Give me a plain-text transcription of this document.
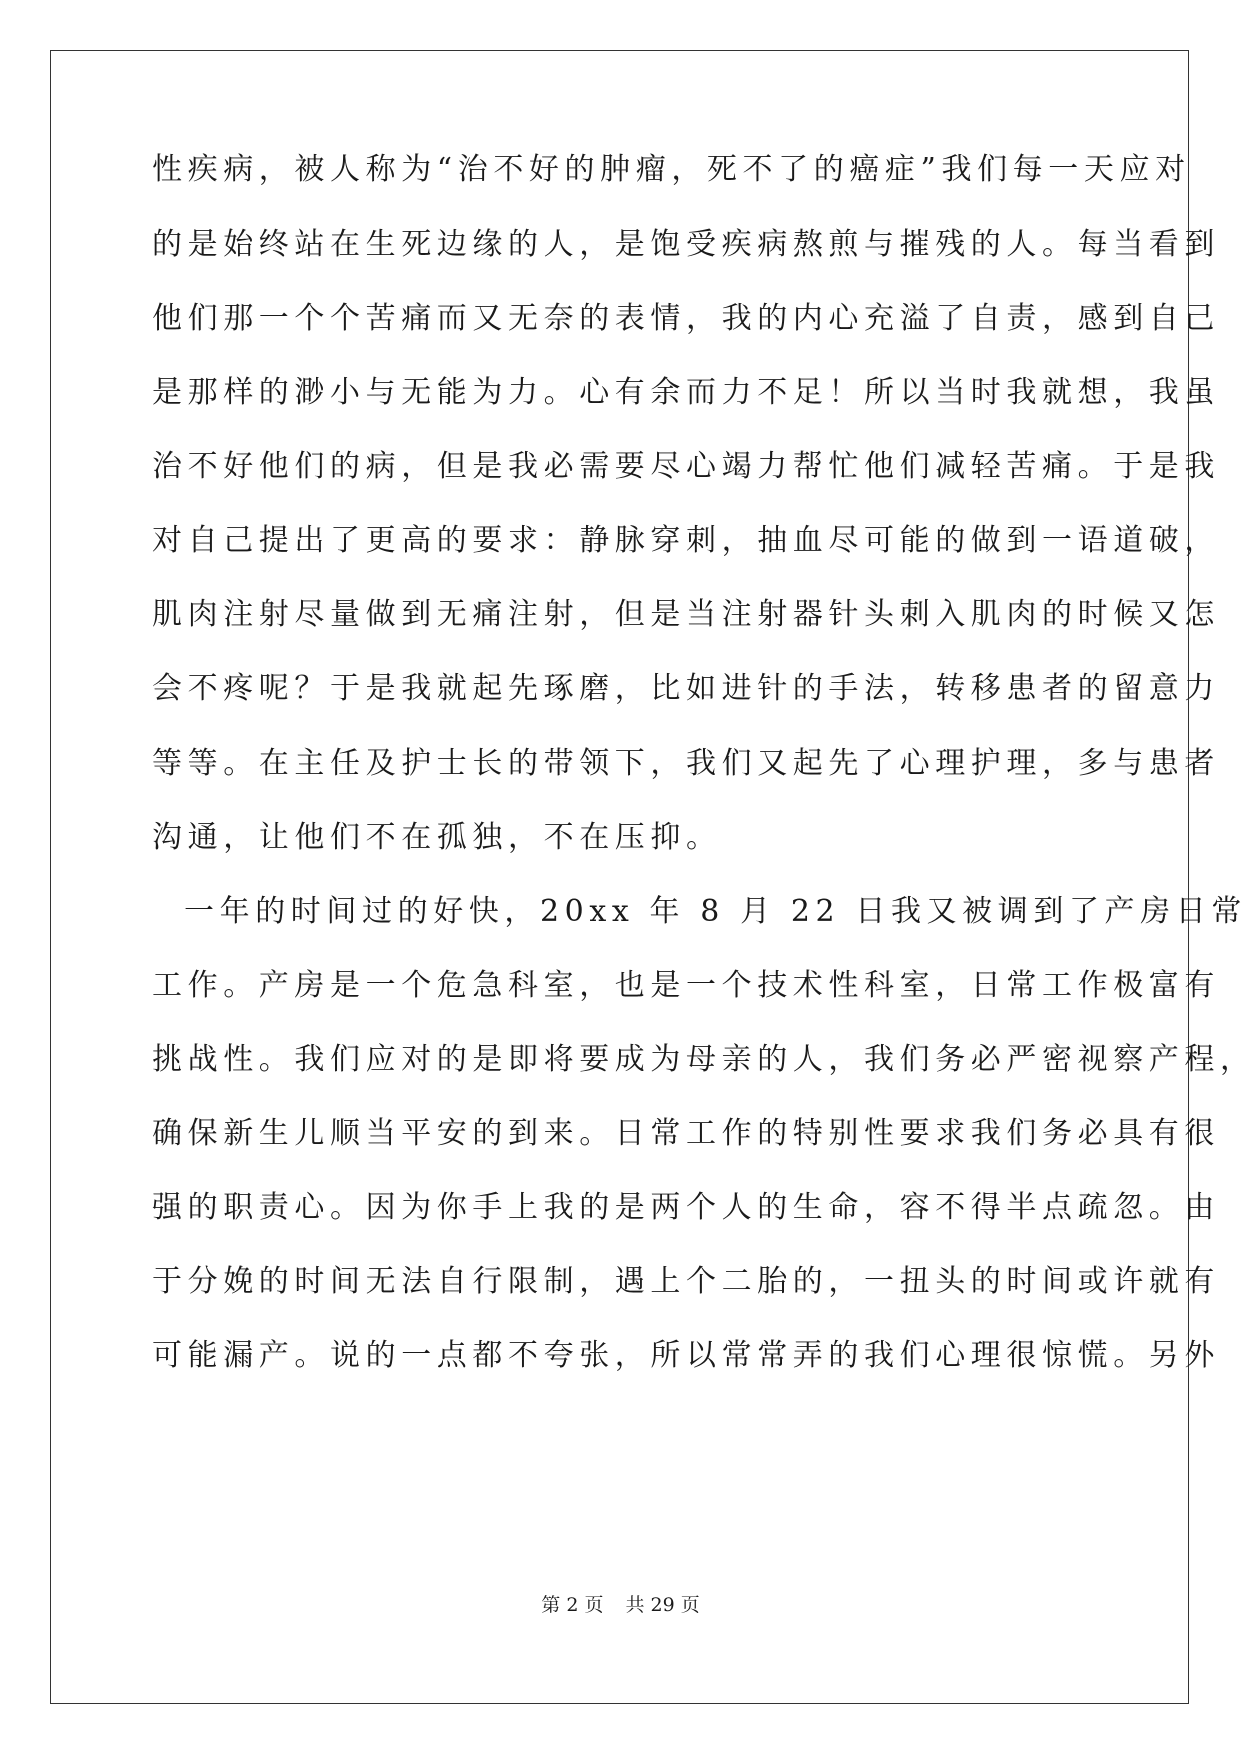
性疾病，被人称为“治不好的肿瘤，死不了的癌症”我们每一天应对
的是始终站在生死边缘的人，是饱受疾病熬煎与摧残的人。每当看到
他们那一个个苦痛而又无奈的表情，我的内心充溢了自责，感到自己
是那样的渺小与无能为力。心有余而力不足！所以当时我就想，我虽
治不好他们的病，但是我必需要尽心竭力帮忙他们减轻苦痛。于是我
对自己提出了更高的要求：静脉穿刺，抽血尽可能的做到一语道破，
肌肉注射尽量做到无痛注射，但是当注射器针头刺入肌肉的时候又怎
会不疼呢？于是我就起先琢磨，比如进针的手法，转移患者的留意力
等等。在主任及护士长的带领下，我们又起先了心理护理，多与患者
沟通，让他们不在孤独，不在压抑。
一年的时间过的好快，20xx 年 8 月 22 日我又被调到了产房日常
工作。产房是一个危急科室，也是一个技术性科室，日常工作极富有
挑战性。我们应对的是即将要成为母亲的人，我们务必严密视察产程，
确保新生儿顺当平安的到来。日常工作的特别性要求我们务必具有很
强的职责心。因为你手上我的是两个人的生命，容不得半点疏忽。由
于分娩的时间无法自行限制，遇上个二胎的，一扭头的时间或许就有
可能漏产。说的一点都不夸张，所以常常弄的我们心理很惊慌。另外
第 2 页 共 29 页
